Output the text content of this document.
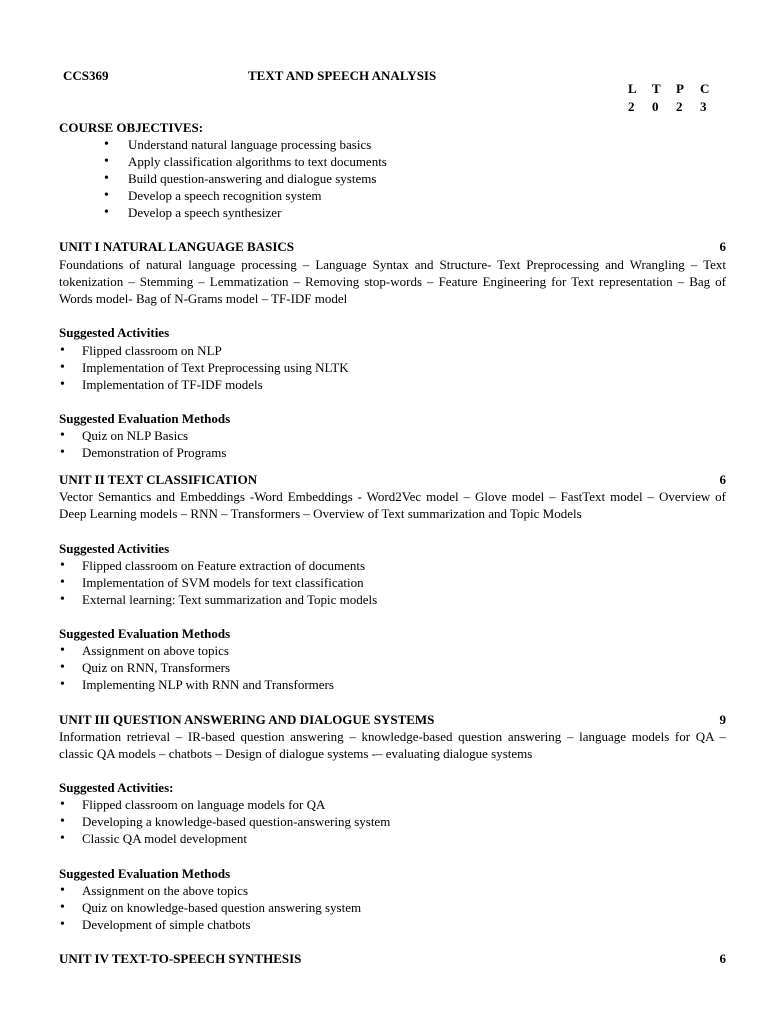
CCS369	TEXT AND SPEECH ANALYSIS
L T P C
2 0 2 3
COURSE OBJECTIVES:
• Understand natural language processing basics
• Apply classification algorithms to text documents
• Build question-answering and dialogue systems
• Develop a speech recognition system
• Develop a speech synthesizer
UNIT I NATURAL LANGUAGE BASICS	6
Foundations of natural language processing – Language Syntax and Structure- Text Preprocessing and Wrangling – Text tokenization – Stemming – Lemmatization – Removing stop-words – Feature Engineering for Text representation – Bag of Words model- Bag of N-Grams model – TF-IDF model
Suggested Activities
• Flipped classroom on NLP
• Implementation of Text Preprocessing using NLTK
• Implementation of TF-IDF models
Suggested Evaluation Methods
• Quiz on NLP Basics
• Demonstration of Programs
UNIT II TEXT CLASSIFICATION	6
Vector Semantics and Embeddings -Word Embeddings - Word2Vec model – Glove model – FastText model – Overview of Deep Learning models – RNN – Transformers – Overview of Text summarization and Topic Models
Suggested Activities
• Flipped classroom on Feature extraction of documents
• Implementation of SVM models for text classification
• External learning: Text summarization and Topic models
Suggested Evaluation Methods
• Assignment on above topics
• Quiz on RNN, Transformers
• Implementing NLP with RNN and Transformers
UNIT III QUESTION ANSWERING AND DIALOGUE SYSTEMS	9
Information retrieval – IR-based question answering – knowledge-based question answering – language models for QA – classic QA models – chatbots – Design of dialogue systems -– evaluating dialogue systems
Suggested Activities:
• Flipped classroom on language models for QA
• Developing a knowledge-based question-answering system
• Classic QA model development
Suggested Evaluation Methods
• Assignment on the above topics
• Quiz on knowledge-based question answering system
• Development of simple chatbots
UNIT IV TEXT-TO-SPEECH SYNTHESIS	6
